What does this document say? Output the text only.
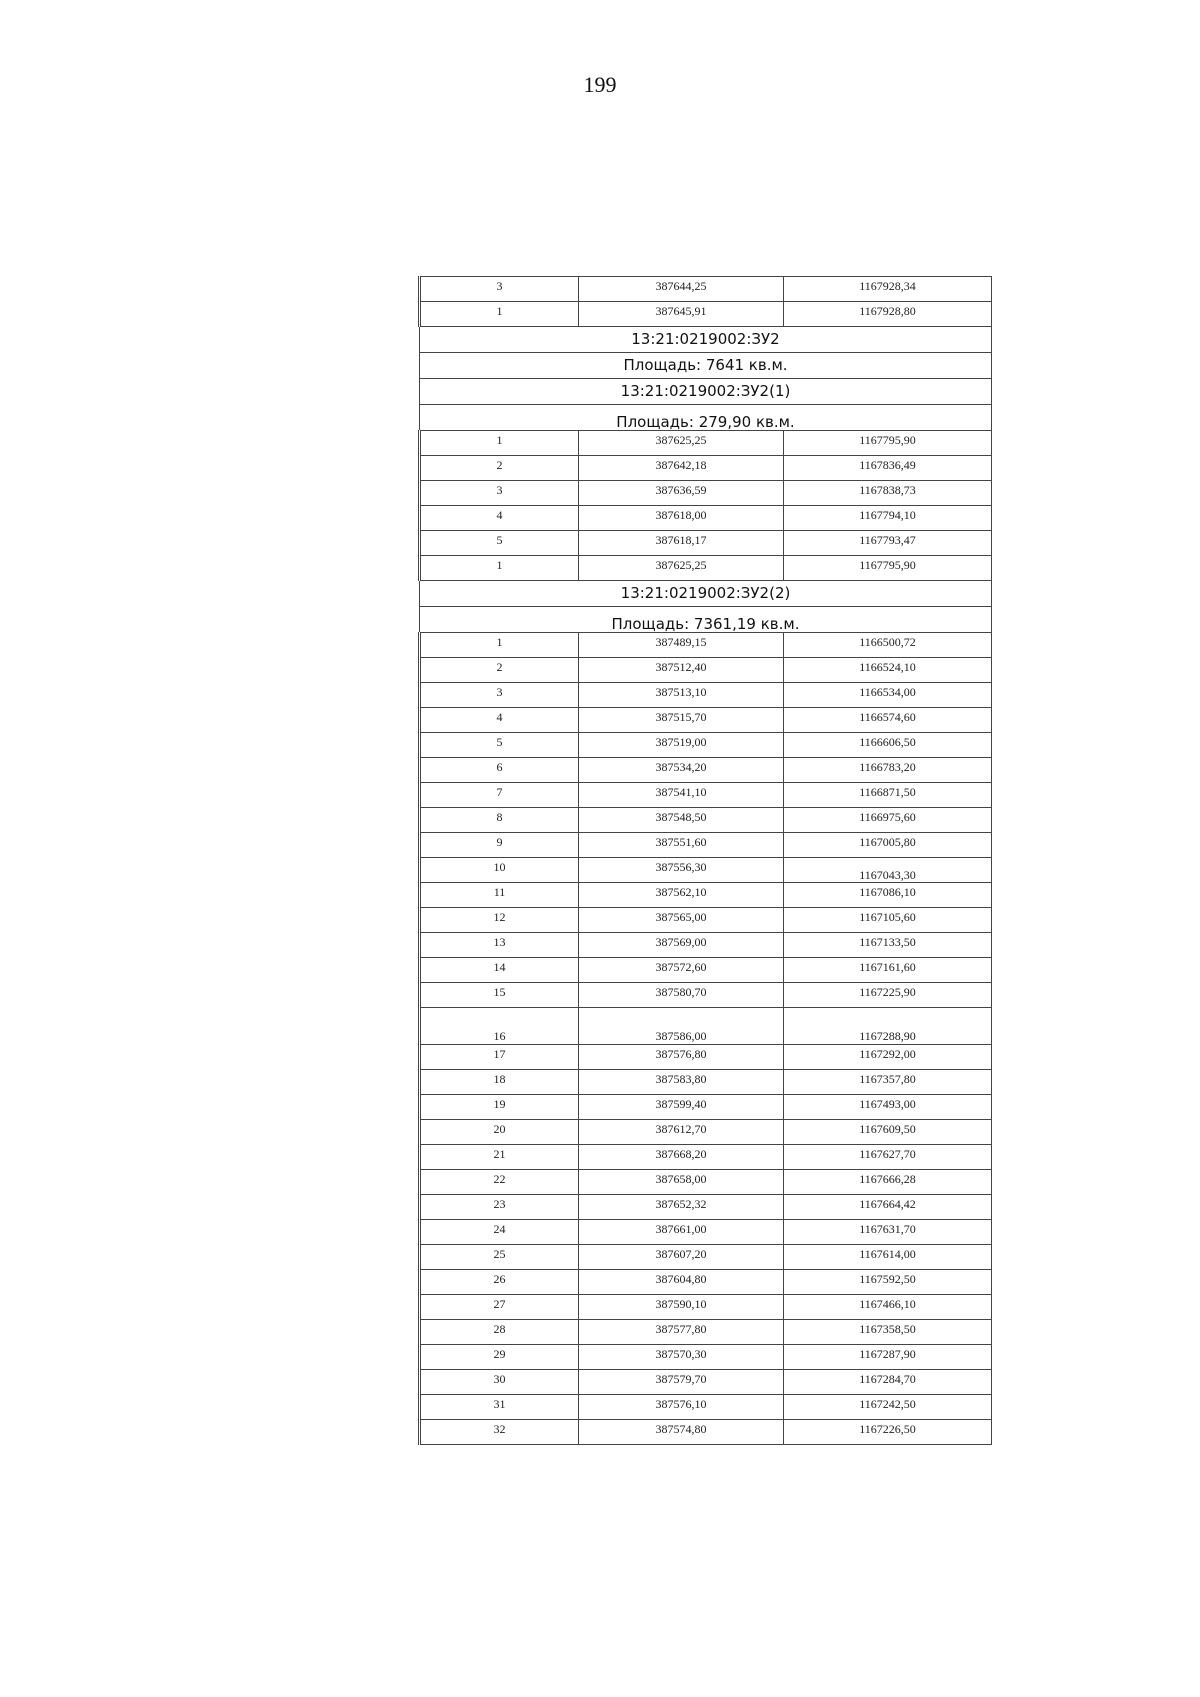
199
3	387644,25	1167928,34
1	387645,91	1167928,80
13:21:0219002:ЗУ2		
Площадь: 7641 кв.м.		
13:21:0219002:ЗУ2(1)		
Площадь: 279,90 кв.м.		
1	387625,25	1167795,90
2	387642,18	1167836,49
3	387636,59	1167838,73
4	387618,00	1167794,10
5	387618,17	1167793,47
1	387625,25	1167795,90
13:21:0219002:ЗУ2(2)		
Площадь: 7361,19 кв.м.		
1	387489,15	1166500,72
2	387512,40	1166524,10
3	387513,10	1166534,00
4	387515,70	1166574,60
5	387519,00	1166606,50
6	387534,20	1166783,20
7	387541,10	1166871,50
8	387548,50	1166975,60
9	387551,60	1167005,80
10	387556,30	1167043,30
11	387562,10	1167086,10
12	387565,00	1167105,60
13	387569,00	1167133,50
14	387572,60	1167161,60
15	387580,70	1167225,90
16	387586,00	1167288,90
17	387576,80	1167292,00
18	387583,80	1167357,80
19	387599,40	1167493,00
20	387612,70	1167609,50
21	387668,20	1167627,70
22	387658,00	1167666,28
23	387652,32	1167664,42
24	387661,00	1167631,70
25	387607,20	1167614,00
26	387604,80	1167592,50
27	387590,10	1167466,10
28	387577,80	1167358,50
29	387570,30	1167287,90
30	387579,70	1167284,70
31	387576,10	1167242,50
32	387574,80	1167226,50
